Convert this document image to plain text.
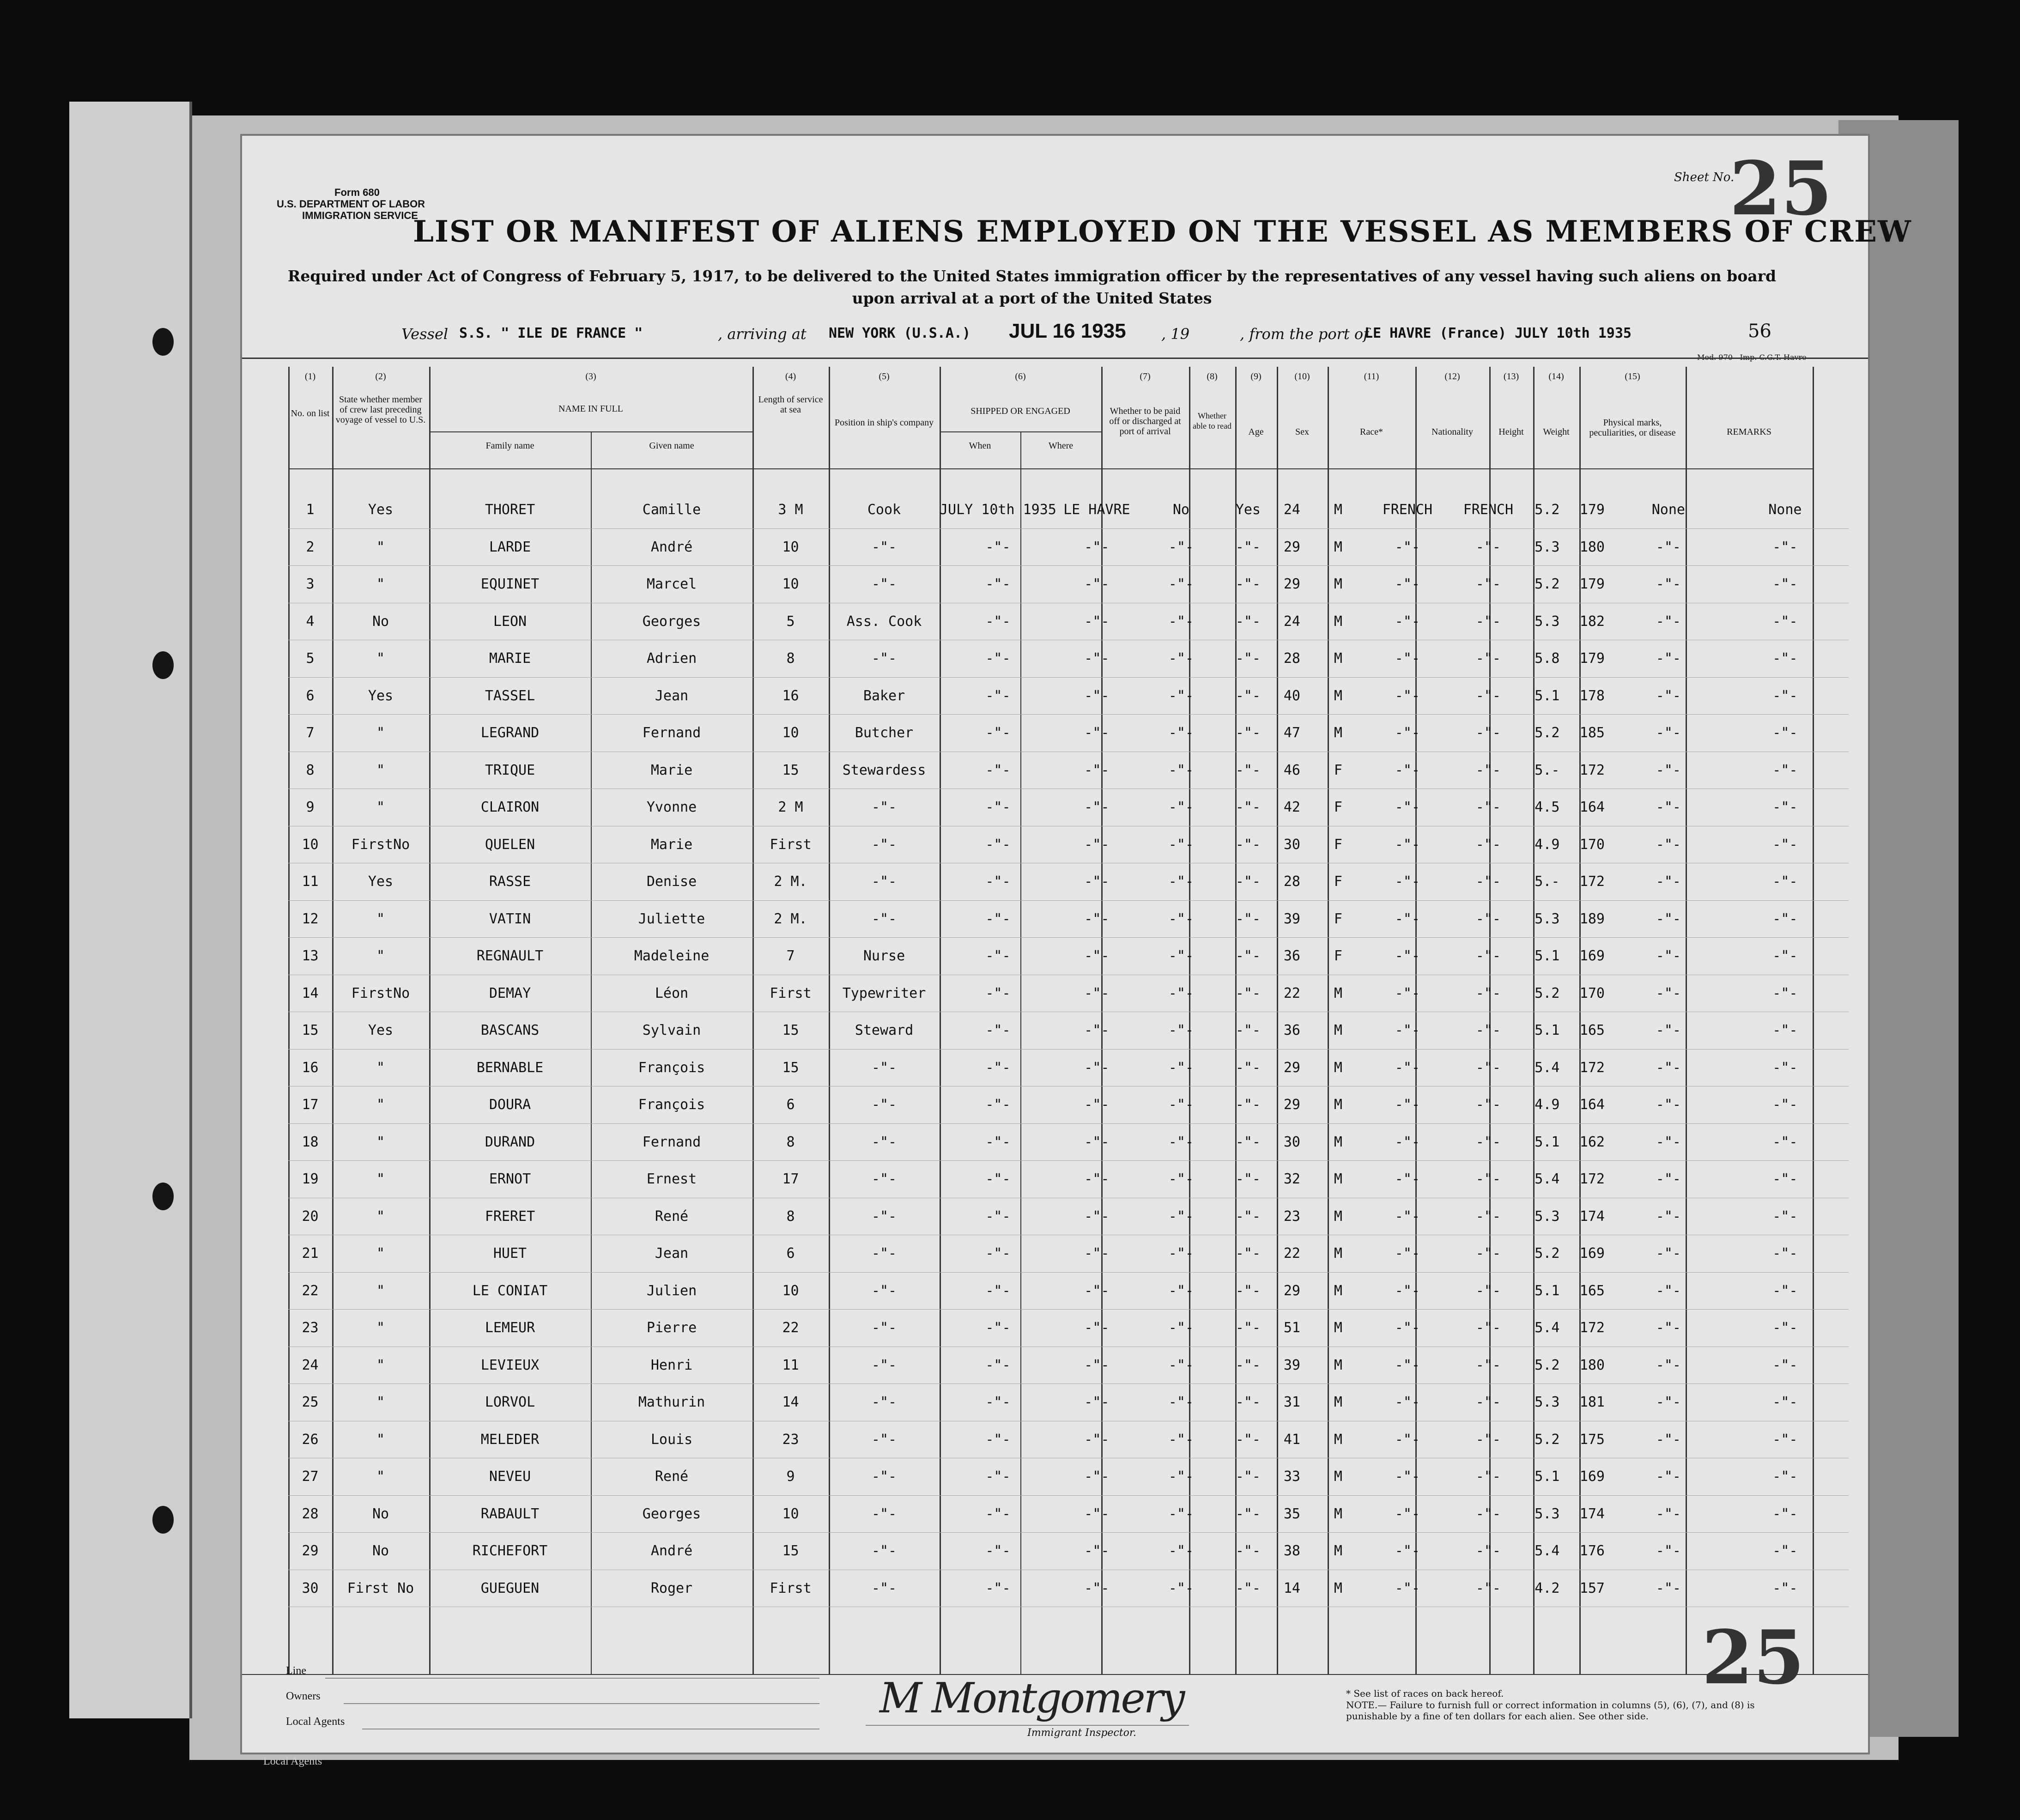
Local Agents
Form 680
U.S. DEPARTMENT OF LABOR
IMMIGRATION SERVICE
LIST OR MANIFEST OF ALIENS EMPLOYED ON THE VESSEL AS MEMBERS OF CREW
Sheet No.
25
Required under Act of Congress of February 5, 1917, to be delivered to the United States immigration officer by the representatives of any vessel having such aliens on board upon arrival at a port of the United States
Vessel S.S. " ILE DE FRANCE "	, arriving at NEW YORK (U.S.A.) JUL 16 1935 , 19	, from the port of
LE HAVRE (France) JULY 10th 1935	56
(1)	(2)	(3)	(4)	(5)	(6)	(7)	(8)	(9)	(10)	(11)	(12)	(13)	(14)	(15)
No. on list
State whether member of crew last preceding voyage of vessel to U.S.
NAME IN FULL
Family name	Given name
Length of service at sea
Position in ship's company
SHIPPED OR ENGAGED
When	Where
Whether to be paid off or discharged at port of arrival
Whether able to read
Age	Sex	Race*	Nationality	Height	Weight
Physical marks, peculiarities, or disease	REMARKS
1	Yes	THORET	Camille	3 M	Cook	JULY 10th 1935	LE HAVRE	No	Yes	24	M	FRENCH	FRENCH	5.2	179	None	None
2	"	LARDE	André	10	-"-	-"-	-"-	-"-	-"-	29	M	-"-	-"-	5.3	180	-"-	-"-
3	"	EQUINET	Marcel	10	-"-	-"-	-"-	-"-	-"-	29	M	-"-	-"-	5.2	179	-"-	-"-
4	No	LEON	Georges	5	Ass. Cook	-"-	-"-	-"-	-"-	24	M	-"-	-"-	5.3	182	-"-	-"-
5	"	MARIE	Adrien	8	-"-	-"-	-"-	-"-	-"-	28	M	-"-	-"-	5.8	179	-"-	-"-
6	Yes	TASSEL	Jean	16	Baker	-"-	-"-	-"-	-"-	40	M	-"-	-"-	5.1	178	-"-	-"-
7	"	LEGRAND	Fernand	10	Butcher	-"-	-"-	-"-	-"-	47	M	-"-	-"-	5.2	185	-"-	-"-
8	"	TRIQUE	Marie	15	Stewardess	-"-	-"-	-"-	-"-	46	F	-"-	-"-	5.-	172	-"-	-"-
9	"	CLAIRON	Yvonne	2 M	-"-	-"-	-"-	-"-	-"-	42	F	-"-	-"-	4.5	164	-"-	-"-
10	FirstNo	QUELEN	Marie	First	-"-	-"-	-"-	-"-	-"-	30	F	-"-	-"-	4.9	170	-"-	-"-
11	Yes	RASSE	Denise	2 M.	-"-	-"-	-"-	-"-	-"-	28	F	-"-	-"-	5.-	172	-"-	-"-
12	"	VATIN	Juliette	2 M.	-"-	-"-	-"-	-"-	-"-	39	F	-"-	-"-	5.3	189	-"-	-"-
13	"	REGNAULT	Madeleine	7	Nurse	-"-	-"-	-"-	-"-	36	F	-"-	-"-	5.1	169	-"-	-"-
14	FirstNo	DEMAY	Léon	First	Typewriter	-"-	-"-	-"-	-"-	22	M	-"-	-"-	5.2	170	-"-	-"-
15	Yes	BASCANS	Sylvain	15	Steward	-"-	-"-	-"-	-"-	36	M	-"-	-"-	5.1	165	-"-	-"-
16	"	BERNABLE	François	15	-"-	-"-	-"-	-"-	-"-	29	M	-"-	-"-	5.4	172	-"-	-"-
17	"	DOURA	François	6	-"-	-"-	-"-	-"-	-"-	29	M	-"-	-"-	4.9	164	-"-	-"-
18	"	DURAND	Fernand	8	-"-	-"-	-"-	-"-	-"-	30	M	-"-	-"-	5.1	162	-"-	-"-
19	"	ERNOT	Ernest	17	-"-	-"-	-"-	-"-	-"-	32	M	-"-	-"-	5.4	172	-"-	-"-
20	"	FRERET	René	8	-"-	-"-	-"-	-"-	-"-	23	M	-"-	-"-	5.3	174	-"-	-"-
21	"	HUET	Jean	6	-"-	-"-	-"-	-"-	-"-	22	M	-"-	-"-	5.2	169	-"-	-"-
22	"	LE CONIAT	Julien	10	-"-	-"-	-"-	-"-	-"-	29	M	-"-	-"-	5.1	165	-"-	-"-
23	"	LEMEUR	Pierre	22	-"-	-"-	-"-	-"-	-"-	51	M	-"-	-"-	5.4	172	-"-	-"-
24	"	LEVIEUX	Henri	11	-"-	-"-	-"-	-"-	-"-	39	M	-"-	-"-	5.2	180	-"-	-"-
25	"	LORVOL	Mathurin	14	-"-	-"-	-"-	-"-	-"-	31	M	-"-	-"-	5.3	181	-"-	-"-
26	"	MELEDER	Louis	23	-"-	-"-	-"-	-"-	-"-	41	M	-"-	-"-	5.2	175	-"-	-"-
27	"	NEVEU	René	9	-"-	-"-	-"-	-"-	-"-	33	M	-"-	-"-	5.1	169	-"-	-"-
28	No	RABAULT	Georges	10	-"-	-"-	-"-	-"-	-"-	35	M	-"-	-"-	5.3	174	-"-	-"-
29	No	RICHEFORT	André	15	-"-	-"-	-"-	-"-	-"-	38	M	-"-	-"-	5.4	176	-"-	-"-
30	First No	GUEGUEN	Roger	First	-"-	-"-	-"-	-"-	-"-	14	M	-"-	-"-	4.2	157	-"-	-"-
Line
Owners
Local Agents	M Montgomery
Immigrant Inspector.
* See list of races on back hereof.
NOTE.— Failure to furnish full or correct information in columns (5), (6), (7), and (8) is punishable by a fine of ten dollars for each alien. See other side.
25
